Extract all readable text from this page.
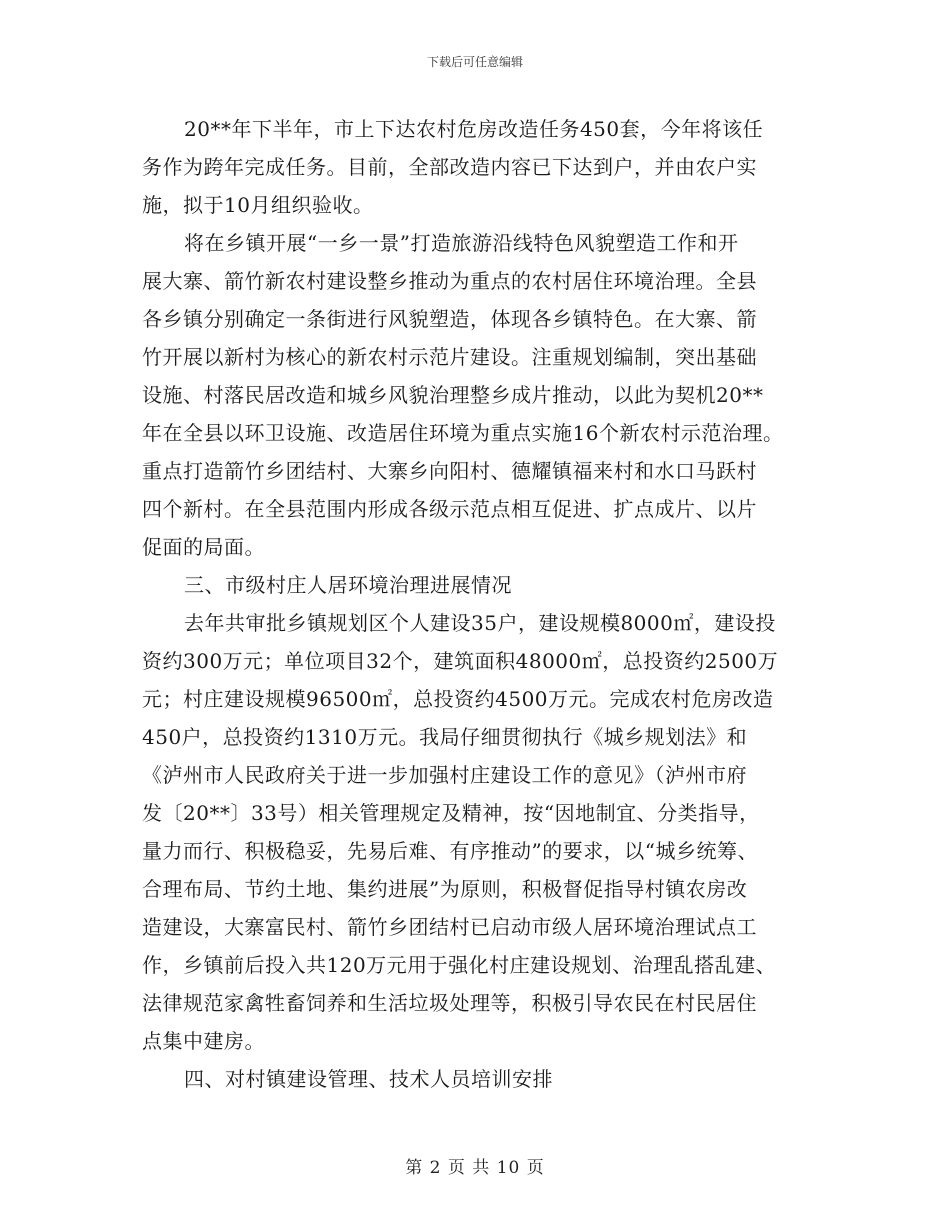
下载后可任意编辑
20**年下半年，市上下达农村危房改造任务450套，今年将该任
务作为跨年完成任务。目前，全部改造内容已下达到户，并由农户实
施，拟于10月组织验收。
将在乡镇开展“一乡一景”打造旅游沿线特色风貌塑造工作和开
展大寨、箭竹新农村建设整乡推动为重点的农村居住环境治理。全县
各乡镇分别确定一条街进行风貌塑造，体现各乡镇特色。在大寨、箭
竹开展以新村为核心的新农村示范片建设。注重规划编制，突出基础
设施、村落民居改造和城乡风貌治理整乡成片推动，以此为契机20**
年在全县以环卫设施、改造居住环境为重点实施16个新农村示范治理。
重点打造箭竹乡团结村、大寨乡向阳村、德耀镇福来村和水口马跃村
四个新村。在全县范围内形成各级示范点相互促进、扩点成片、以片
促面的局面。
三、市级村庄人居环境治理进展情况
去年共审批乡镇规划区个人建设35户，建设规模8000㎡，建设投
资约300万元；单位项目32个，建筑面积48000㎡，总投资约2500万
元；村庄建设规模96500㎡，总投资约4500万元。完成农村危房改造
450户，总投资约1310万元。我局仔细贯彻执行《城乡规划法》和
《泸州市人民政府关于进一步加强村庄建设工作的意见》（泸州市府
发〔20**〕33号）相关管理规定及精神，按“因地制宜、分类指导，
量力而行、积极稳妥，先易后难、有序推动”的要求，以“城乡统筹、
合理布局、节约土地、集约进展”为原则，积极督促指导村镇农房改
造建设，大寨富民村、箭竹乡团结村已启动市级人居环境治理试点工
作，乡镇前后投入共120万元用于强化村庄建设规划、治理乱搭乱建、
法律规范家禽牲畜饲养和生活垃圾处理等，积极引导农民在村民居住
点集中建房。
四、对村镇建设管理、技术人员培训安排
第 2 页 共 10 页
